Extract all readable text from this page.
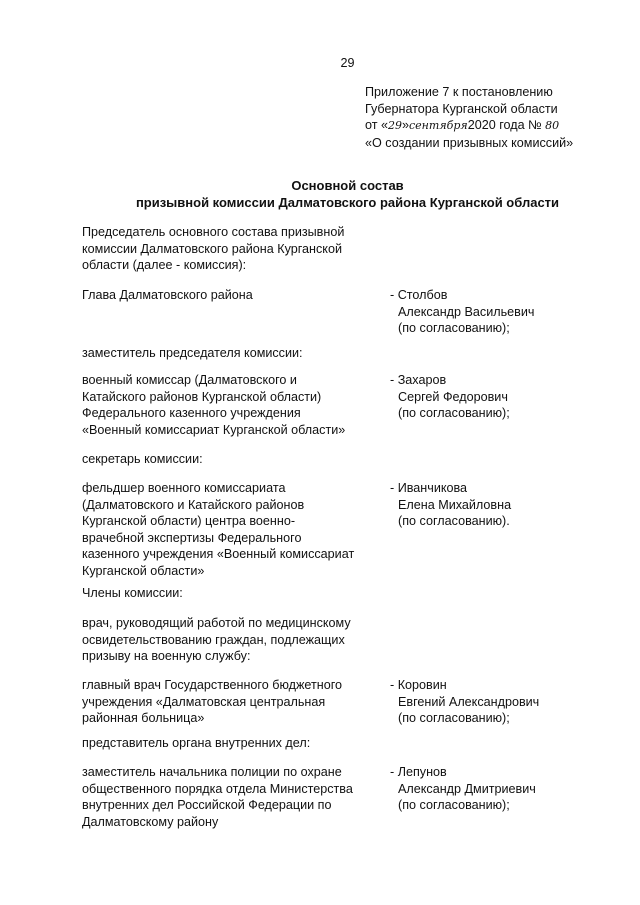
29
Приложение 7 к постановлению
Губернатора Курганской области
от «29»сентября2020 года № 80
«О создании призывных комиссий»
Основной состав
призывной комиссии Далматовского района Курганской области
Председатель основного состава призывной
комиссии Далматовского района Курганской
области (далее - комиссия):
Глава Далматовского района	- Столбов
Александр Васильевич
(по согласованию);
заместитель председателя комиссии:
военный комиссар (Далматовского и
Катайского районов Курганской области)
Федерального казенного учреждения
«Военный комиссариат Курганской области»
- Захаров
Сергей Федорович
(по согласованию);
секретарь комиссии:
фельдшер военного комиссариата
(Далматовского и Катайского районов
Курганской области) центра военно-
врачебной экспертизы Федерального
казенного учреждения «Военный комиссариат
Курганской области»
- Иванчикова
Елена Михайловна
(по согласованию).
Члены комиссии:
врач, руководящий работой по медицинскому
освидетельствованию граждан, подлежащих
призыву на военную службу:
главный врач Государственного бюджетного
учреждения «Далматовская центральная
районная больница»
- Коровин
Евгений Александрович
(по согласованию);
представитель органа внутренних дел:
заместитель начальника полиции по охране
общественного порядка отдела Министерства
внутренних дел Российской Федерации по
Далматовскому району
- Лепунов
Александр Дмитриевич
(по согласованию);
